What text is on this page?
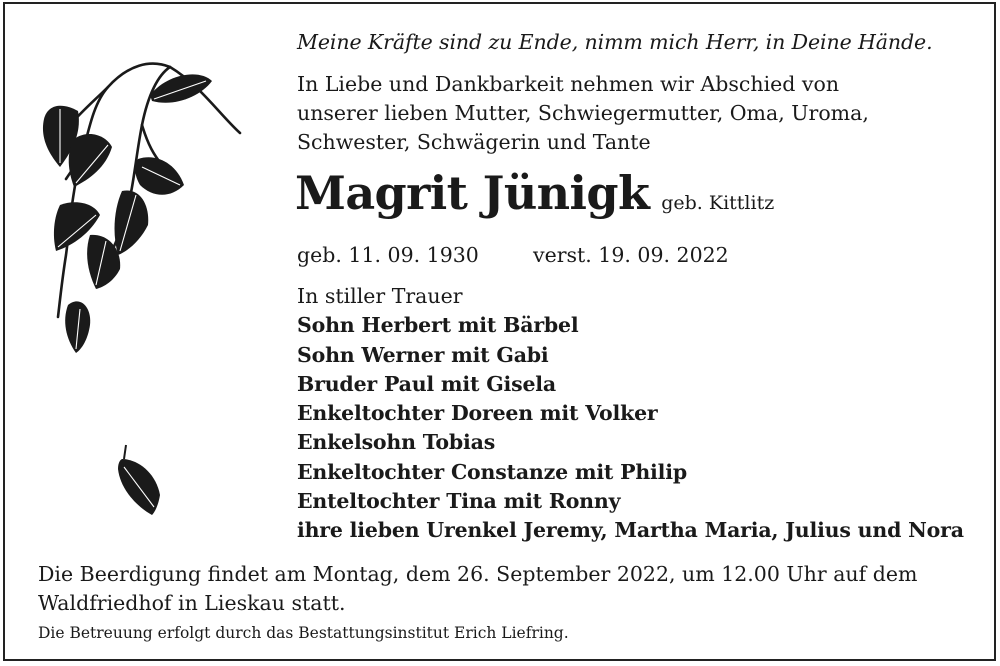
Meine Kräfte sind zu Ende, nimm mich Herr, in Deine Hände.
In Liebe und Dankbarkeit nehmen wir Abschied von
unserer lieben Mutter, Schwiegermutter, Oma, Uroma,
Schwester, Schwägerin und Tante
Magrit Jünigk geb. Kittlitz
geb. 11. 09. 1930	verst. 19. 09. 2022
In stiller Trauer
Sohn Herbert mit Bärbel
Sohn Werner mit Gabi
Bruder Paul mit Gisela
Enkeltochter Doreen mit Volker
Enkelsohn Tobias
Enkeltochter Constanze mit Philip
Enteltochter Tina mit Ronny
ihre lieben Urenkel Jeremy, Martha Maria, Julius und Nora
Die Beerdigung findet am Montag, dem 26. September 2022, um 12.00 Uhr auf dem
Waldfriedhof in Lieskau statt.
Die Betreuung erfolgt durch das Bestattungsinstitut Erich Liefring.
